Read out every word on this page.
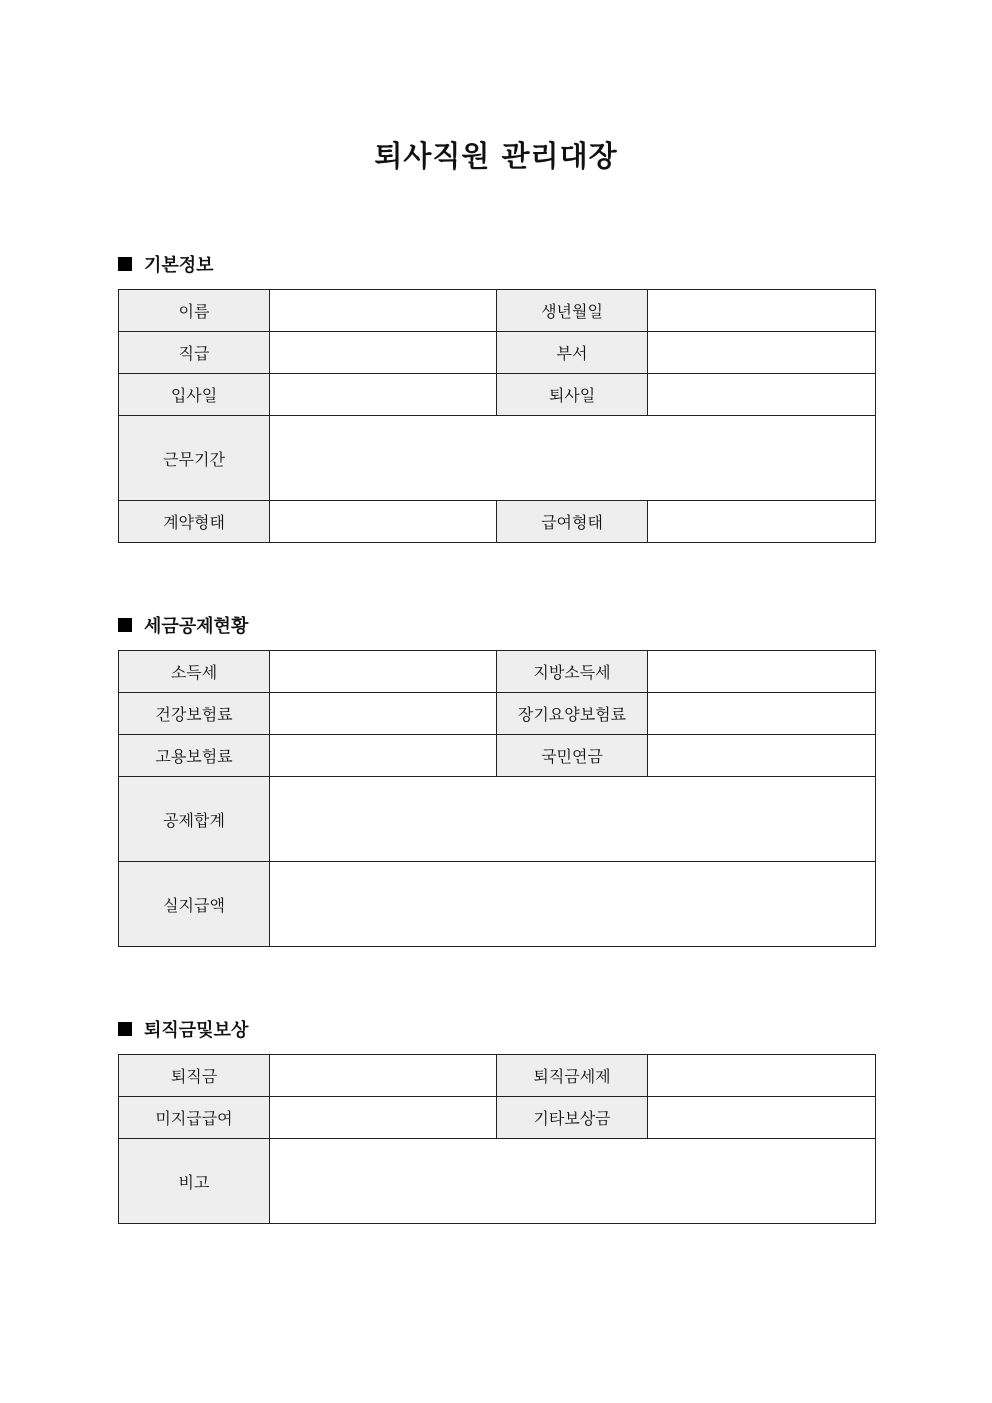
퇴사직원 관리대장
기본정보
이름		생년월일	
직급		부서	
입사일		퇴사일	
근무기간			
계약형태		급여형태	
세금공제현황
소득세		지방소득세	
건강보험료		장기요양보험료	
고용보험료		국민연금	
공제합계			
실지급액			
퇴직금및보상
퇴직금		퇴직금세제	
미지급급여		기타보상금	
비고			
